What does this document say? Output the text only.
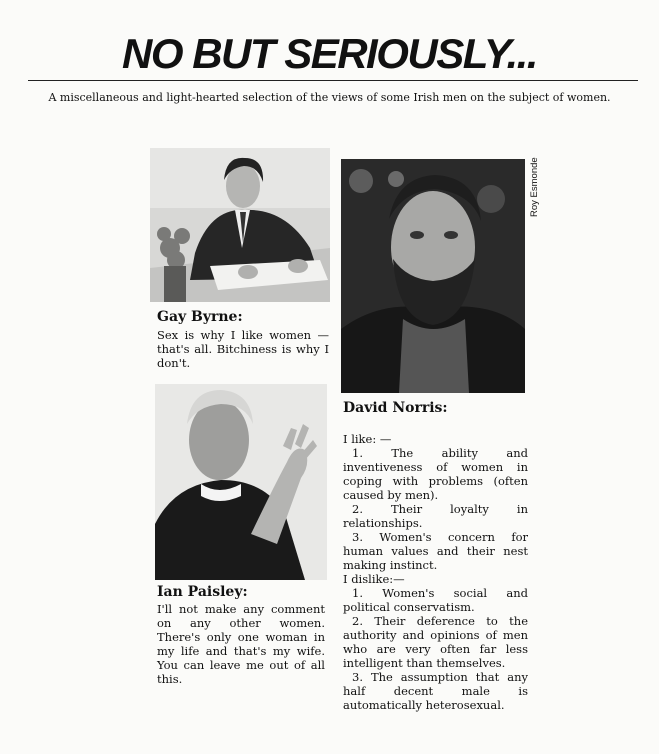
NO BUT SERIOUSLY...

A miscellaneous and light-hearted selection of the views of some Irish men on the subject of women.

Gay Byrne:

Sex is why I like women — that's all. Bitchiness is why I don't.

Roy Esmonde

Ian Paisley:

I'll not make any comment on any other women. There's only one woman in my life and that's my wife. You can leave me out of all this.

David Norris:

I like: —
1. The ability and inventiveness of women in coping with problems (often caused by men).
2. Their loyalty in relationships.
3. Women's concern for human values and their nest making instinct.
I dislike:—
1. Women's social and political conservatism.
2. Their deference to the authority and opinions of men who are very often far less intelligent than themselves.
3. The assumption that any half decent male is automatically heterosexual.
